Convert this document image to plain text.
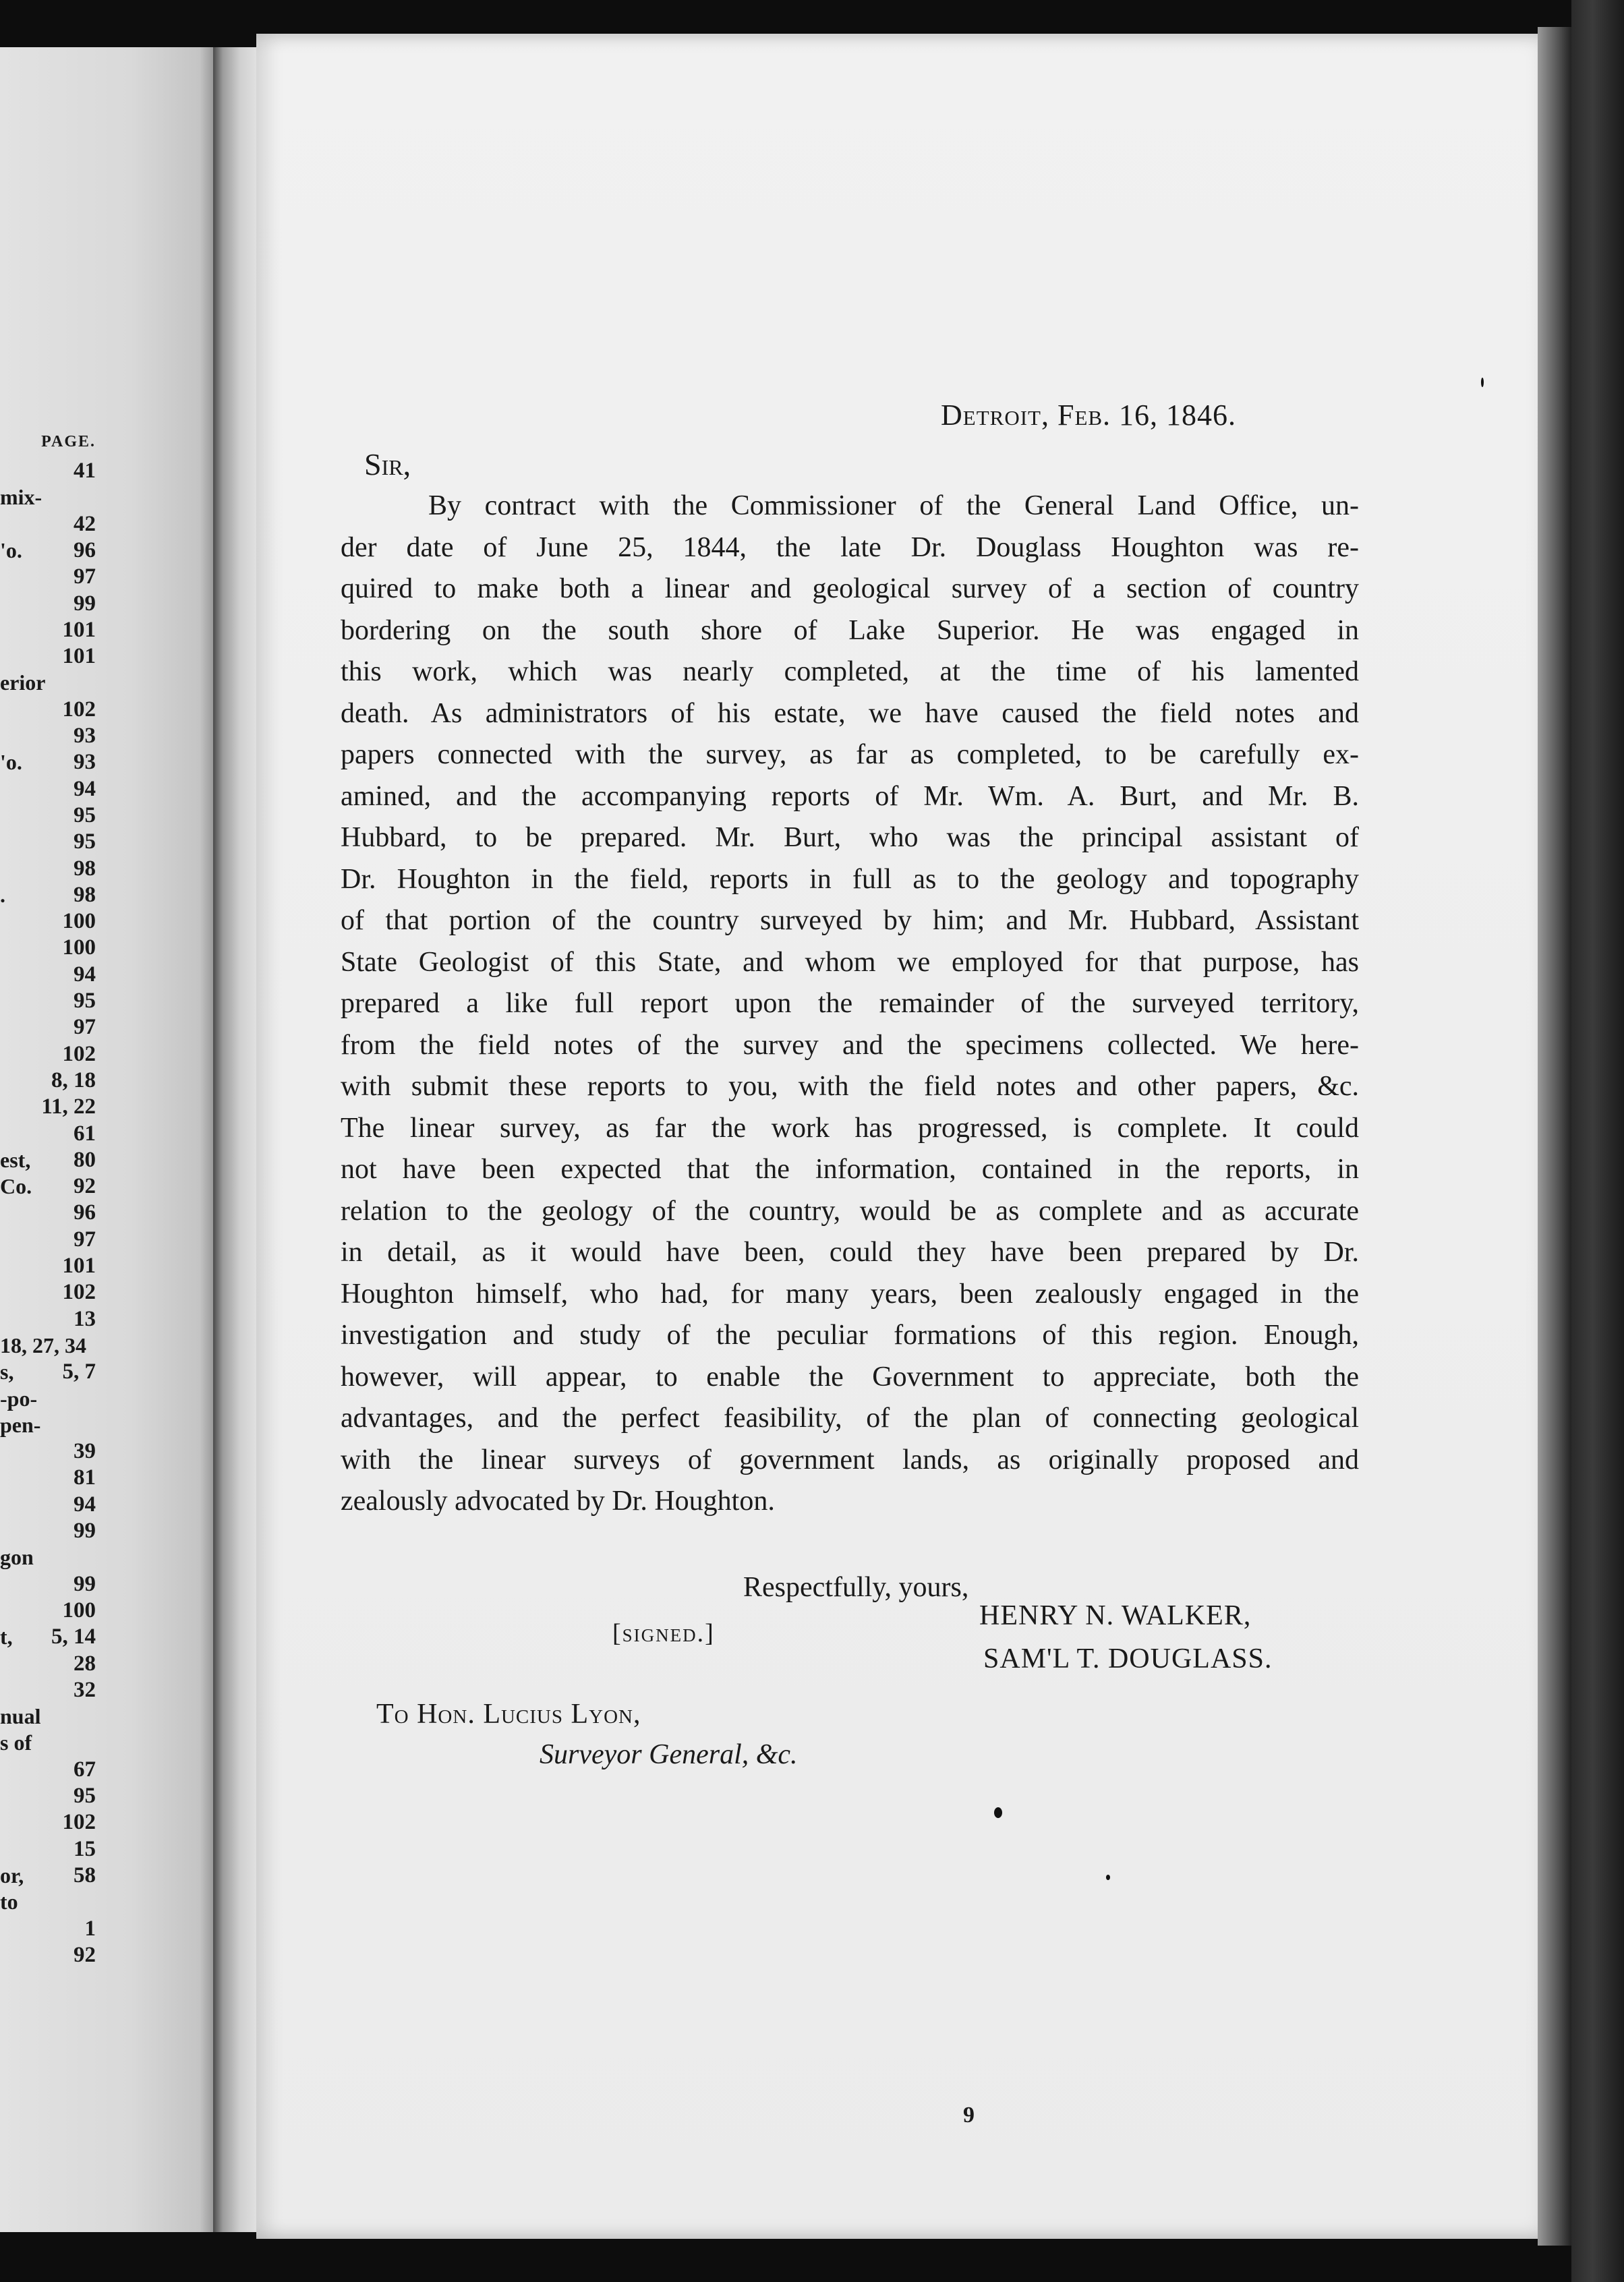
PAGE.
41
mix-
42
'o. 96
97
99
101
101
erior
102
93
'o. 93
94
95
95
98
.	98
100
100
94
95
97
102
8, 18
11, 22
61
est, 80
Co. 92
96
97
101
102
13
18, 27, 34
s, 5, 7
-po-
pen-
39
81
94
99
gon
99
100
t, 5, 14
28
32
nual
s of
67
95
102
15
or, 58
to
1
92
Detroit, Feb. 16, 1846.
Sir,
By contract with the Commissioner of the General Land Office, un-
der date of June 25, 1844, the late Dr. Douglass Houghton was re-
quired to make both a linear and geological survey of a section of country
bordering on the south shore of Lake Superior. He was engaged in
this work, which was nearly completed, at the time of his lamented
death. As administrators of his estate, we have caused the field notes and
papers connected with the survey, as far as completed, to be carefully ex-
amined, and the accompanying reports of Mr. Wm. A. Burt, and Mr. B.
Hubbard, to be prepared. Mr. Burt, who was the principal assistant of
Dr. Houghton in the field, reports in full as to the geology and topography
of that portion of the country surveyed by him; and Mr. Hubbard, Assistant
State Geologist of this State, and whom we employed for that purpose, has
prepared a like full report upon the remainder of the surveyed territory,
from the field notes of the survey and the specimens collected. We here-
with submit these reports to you, with the field notes and other papers, &c.
The linear survey, as far the work has progressed, is complete. It could
not have been expected that the information, contained in the reports, in
relation to the geology of the country, would be as complete and as accurate
in detail, as it would have been, could they have been prepared by Dr.
Houghton himself, who had, for many years, been zealously engaged in the
investigation and study of the peculiar formations of this region. Enough,
however, will appear, to enable the Government to appreciate, both the
advantages, and the perfect feasibility, of the plan of connecting geological
with the linear surveys of government lands, as originally proposed and
zealously advocated by Dr. Houghton.
Respectfully, yours,
[signed.]
HENRY N. WALKER,
SAM'L T. DOUGLASS.
To Hon. Lucius Lyon,
Surveyor General, &c.
9
